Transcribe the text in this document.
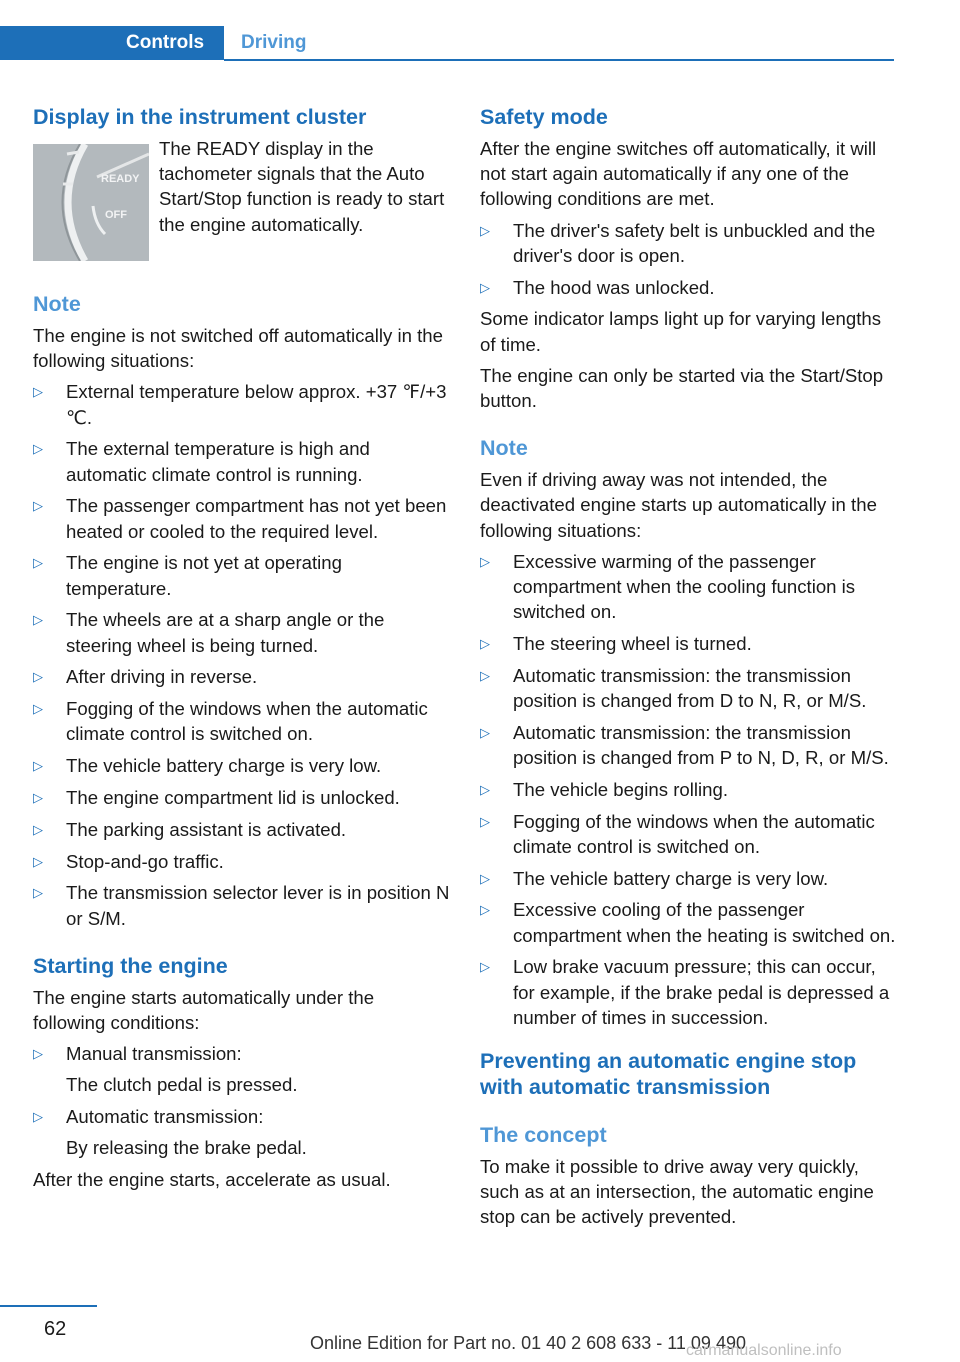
Controls Driving
Display in the instrument cluster
READY
OFF

The READY display in the tachometer signals that the Auto Start/Stop function is ready to start the engine automatically.

Note

The engine is not switched off automatically in the following situations:

▷ External temperature below approx. +37 ℉/+3 ℃.
▷ The external temperature is high and automatic climate control is running.
▷ The passenger compartment has not yet been heated or cooled to the required level.
▷ The engine is not yet at operating temperature.
▷ The wheels are at a sharp angle or the steering wheel is being turned.
▷ After driving in reverse.
▷ Fogging of the windows when the automatic climate control is switched on.
▷ The vehicle battery charge is very low.
▷ The engine compartment lid is unlocked.
▷ The parking assistant is activated.
▷ Stop-and-go traffic.
▷ The transmission selector lever is in position N or S/M.
Starting the engine

The engine starts automatically under the following conditions:

▷ Manual transmission:
The clutch pedal is pressed.
▷ Automatic transmission:
By releasing the brake pedal.

After the engine starts, accelerate as usual.

Safety mode

After the engine switches off automatically, it will not start again automatically if any one of the following conditions are met.

▷ The driver's safety belt is unbuckled and the driver's door is open.
▷ The hood was unlocked.

Some indicator lamps light up for varying lengths of time.

The engine can only be started via the Start/Stop button.

Note

Even if driving away was not intended, the deactivated engine starts up automatically in the following situations:

▷ Excessive warming of the passenger compartment when the cooling function is switched on.
▷ The steering wheel is turned.
▷ Automatic transmission: the transmission position is changed from D to N, R, or M/S.
▷ Automatic transmission: the transmission position is changed from P to N, D, R, or M/S.
▷ The vehicle begins rolling.
▷ Fogging of the windows when the automatic climate control is switched on.
▷ The vehicle battery charge is very low.
▷ Excessive cooling of the passenger compartment when the heating is switched on.
▷ Low brake vacuum pressure; this can occur, for example, if the brake pedal is depressed a number of times in succession.
Preventing an automatic engine stop with automatic transmission
The concept

To make it possible to drive away very quickly, such as at an intersection, the automatic engine stop can be actively prevented.

62
Online Edition for Part no. 01 40 2 608 633 - 11 09 490
carmanualsonline.info
